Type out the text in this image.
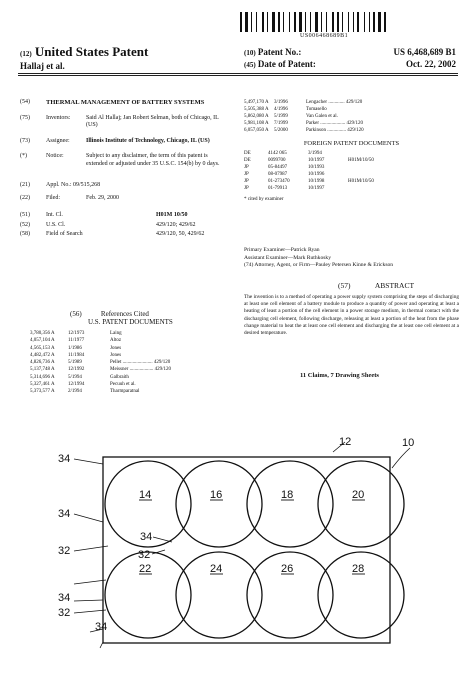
US006468689B1
(12) United States Patent
Hallaj et al.
(10) Patent No.:	US 6,468,689 B1
(45) Date of Patent:	Oct. 22, 2002
(54)	THERMAL MANAGEMENT OF BATTERY SYSTEMS
(75)	Inventors:	Said Al Hallaj; Jan Robert Selman, both of Chicago, IL (US)
(73)	Assignee:	Illinois Institute of Technology, Chicago, IL (US)
(*)	Notice:	Subject to any disclaimer, the term of this patent is extended or adjusted under 35 U.S.C. 154(b) by 0 days.
(21)	Appl. No.: 09/515,268
(22)	Filed:	Feb. 29, 2000
(51)	Int. Cl.	H01M 10/50
(52)	U.S. Cl.	429/120; 429/62
(58)	Field of Search	429/120, 50, 429/62
(56)	References Cited
U.S. PATENT DOCUMENTS
3,780,356 A	12/1973	Laing
4,057,104 A	11/1977	Altoz
4,565,153 A	1/1986	Jones
4,482,472 A	11/1984	Jones
4,826,736 A	5/1989	Pellet ........................ 429/120
5,137,748 A	12/1992	Meissner ................... 429/120
5,314,696 A	5/1994	Galbraith
5,327,461 A	12/1994	Pecuuh et al.
5,373,577 A	2/1994	Tharmparatnal
5,497,170 A	3/1996	Lengacher ............. 429/120
5,505,388 A	4/1996	Tomasello
5,862,080 A	5/1999	Van Galen et al.
5,981,108 A	7/1999	Parker .................... 429/120
6,057,050 A	5/2000	Parkinson ............... 429/120
FOREIGN PATENT DOCUMENTS
DE	4142 065	3/1994
DE	0099700	10/1997	H01M/10/50
JP	05-84497	10/1993
JP	08-07987	10/1996
JP	01-273470	10/1998	H01M/10/50
JP	01-79913	10/1997
* cited by examiner
Primary Examiner—Patrick Ryan
Assistant Examiner—Mark Ruthkosky
(74) Attorney, Agent, or Firm—Pauley Petersen Kinne & Erickson
(57)	ABSTRACT
The invention is to a method of operating a power supply system comprising the steps of discharging at least one cell element of a battery module to produce a quantity of power and operating at least a heating of least a portion of the cell element in a power storage medium, in thermal contact with the discharging cell element, following discharge, releasing at least a portion of the heat from the phase change material to heat the at least one cell element and discharging the at least one cell element at a desired temperature.
11 Claims, 7 Drawing Sheets
10
12
34
34
34
32	32
34
32
34
14	16	18	20
22	24	26	28
